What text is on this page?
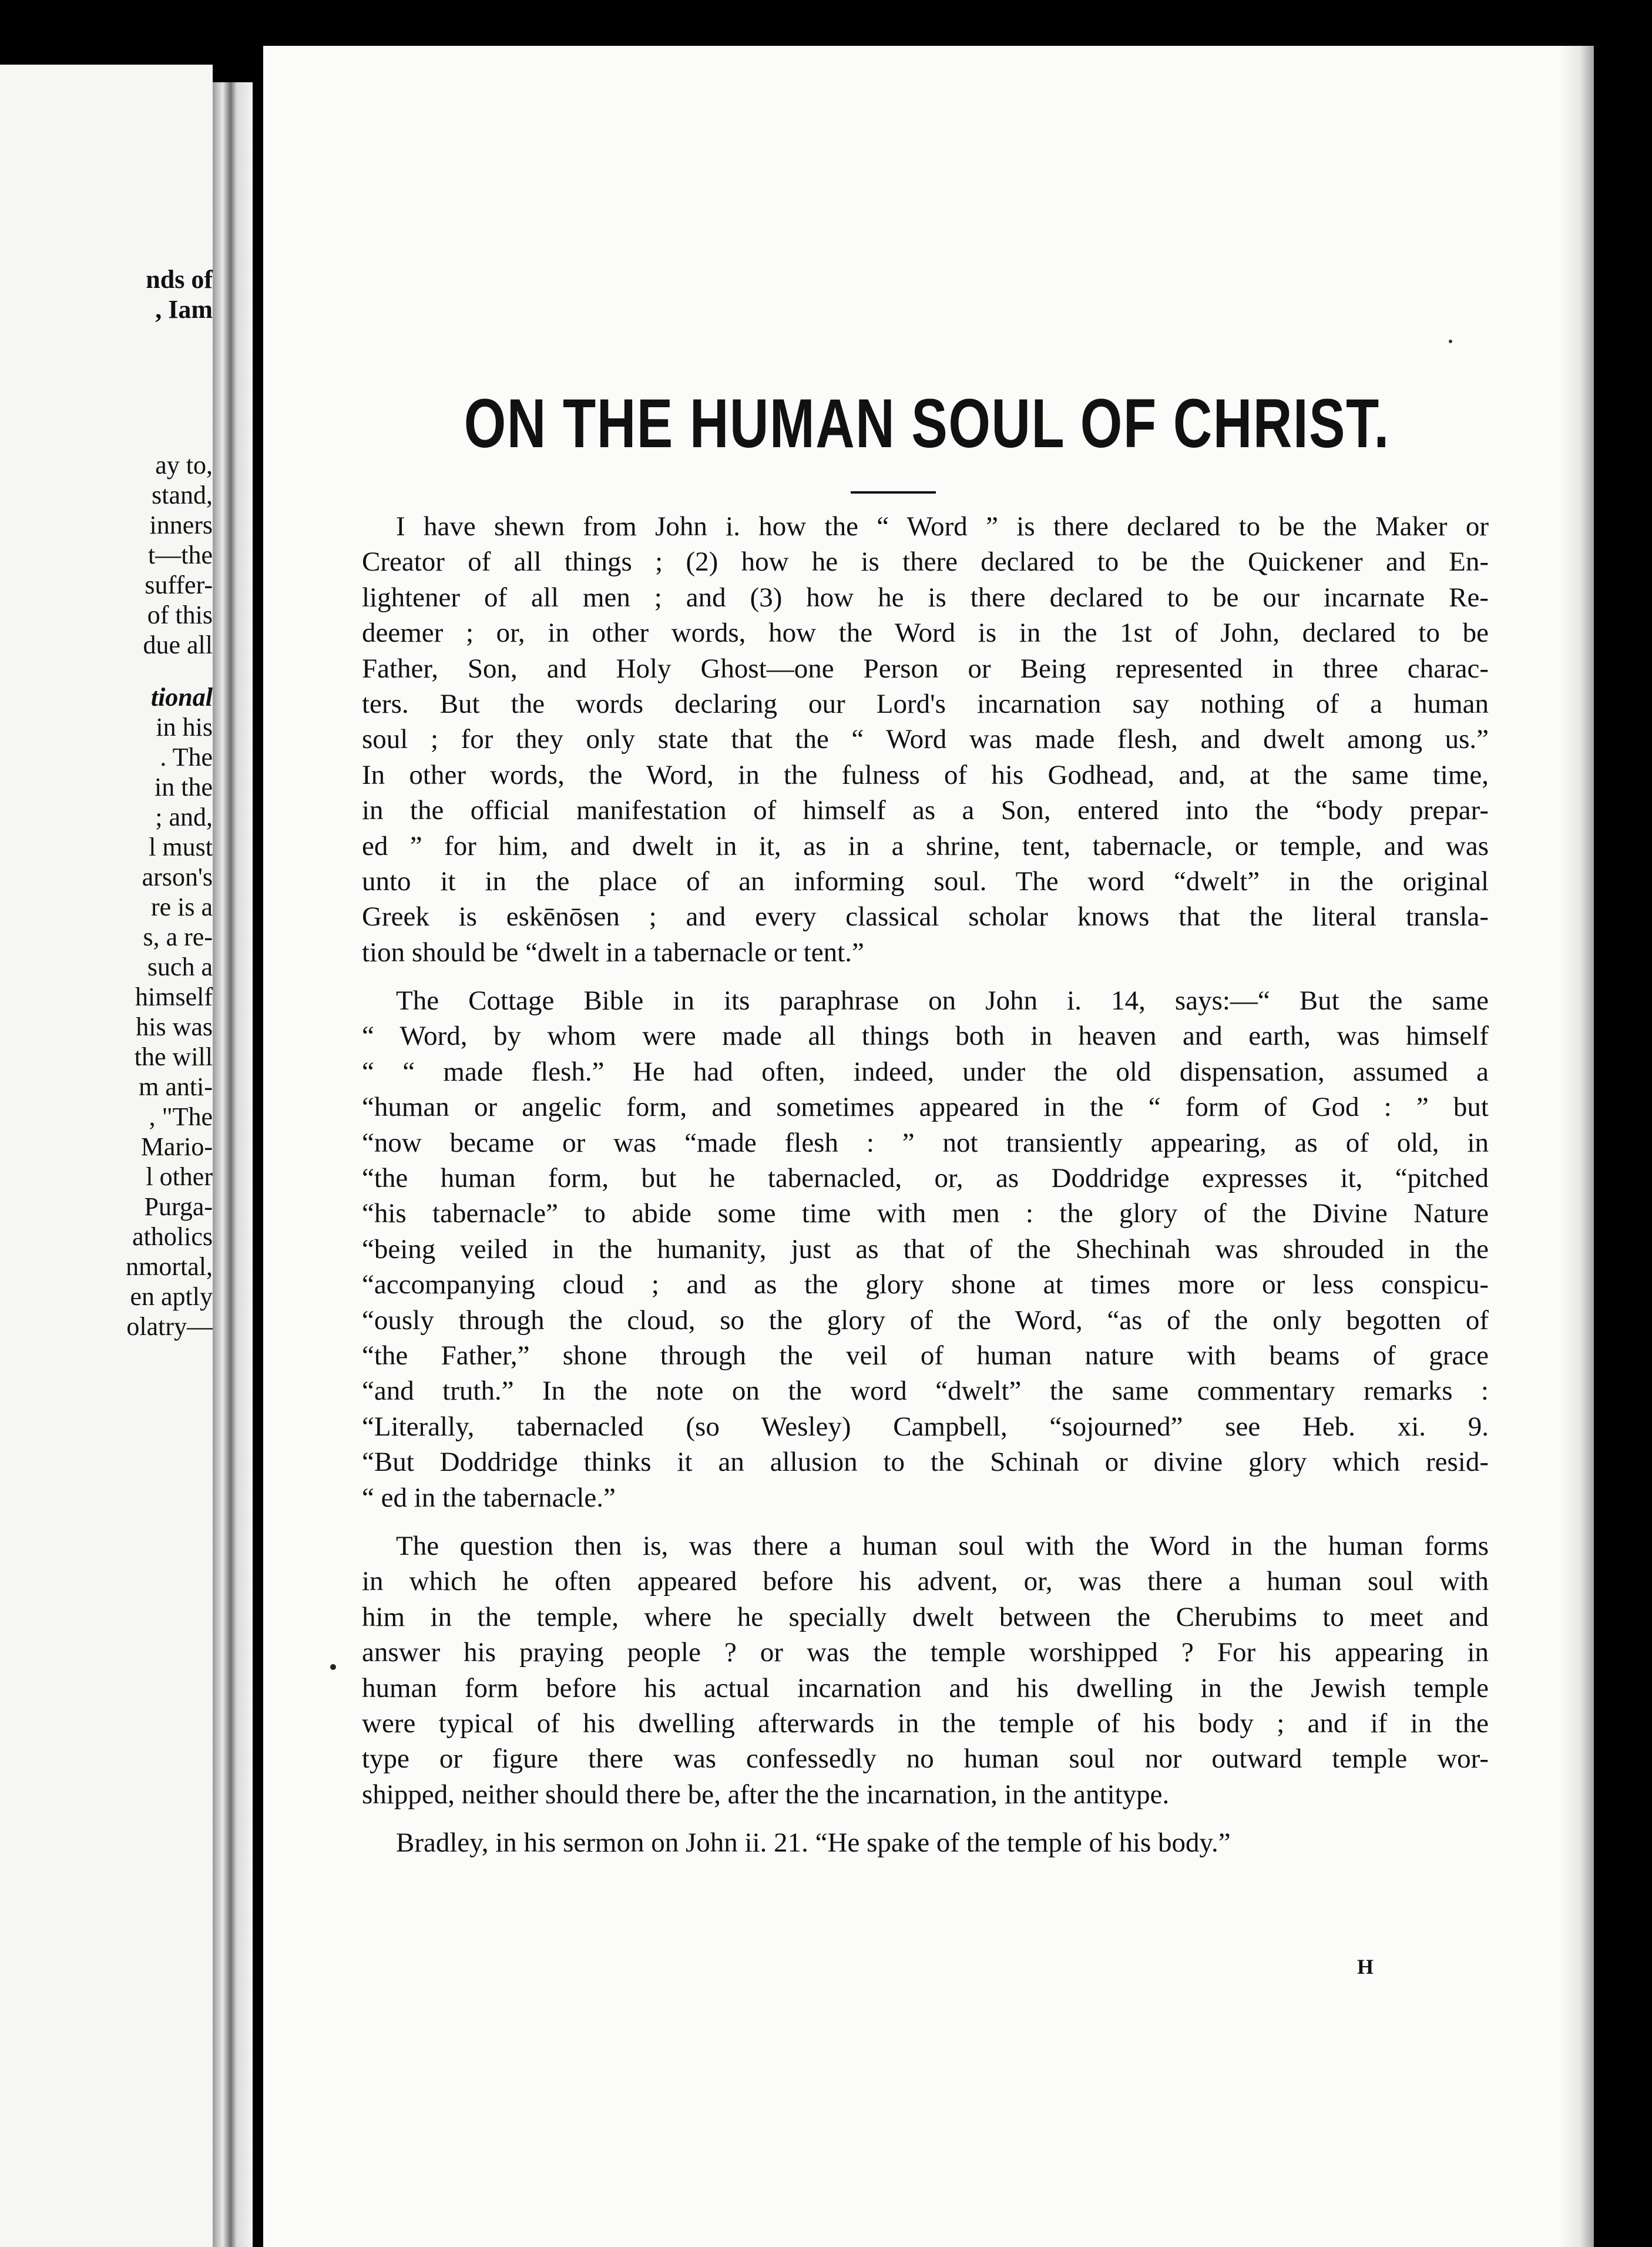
nds of
, Iam
ay to,
stand,
inners
t—the
suffer-
of this
due all
tional
in his
. The
in the
; and,
l must
arson's
re is a
s, a re-
such a
himself
his was
the will
m anti-
, "The
Mario-
l other
Purga-
atholics
nmortal,
en aptly
olatry—
ON THE HUMAN SOUL OF CHRIST.
I have shewn from John i. how the “ Word ” is there declared to be the Maker or
Creator of all things ; (2) how he is there declared to be the Quickener and En-
lightener of all men ; and (3) how he is there declared to be our incarnate Re-
deemer ; or, in other words, how the Word is in the 1st of John, declared to be
Father, Son, and Holy Ghost—one Person or Being represented in three charac-
ters. But the words declaring our Lord's incarnation say nothing of a human
soul ; for they only state that the “ Word was made flesh, and dwelt among us.”
In other words, the Word, in the fulness of his Godhead, and, at the same time,
in the official manifestation of himself as a Son, entered into the “body prepar-
ed ” for him, and dwelt in it, as in a shrine, tent, tabernacle, or temple, and was
unto it in the place of an informing soul. The word “dwelt” in the original
Greek is eskēnōsen ; and every classical scholar knows that the literal transla-
tion should be “dwelt in a tabernacle or tent.”
The Cottage Bible in its paraphrase on John i. 14, says:—“ But the same
“ Word, by whom were made all things both in heaven and earth, was himself
“ “ made flesh.” He had often, indeed, under the old dispensation, assumed a
“human or angelic form, and sometimes appeared in the “ form of God : ” but
“now became or was “made flesh : ” not transiently appearing, as of old, in
“the human form, but he tabernacled, or, as Doddridge expresses it, “pitched
“his tabernacle” to abide some time with men : the glory of the Divine Nature
“being veiled in the humanity, just as that of the Shechinah was shrouded in the
“accompanying cloud ; and as the glory shone at times more or less conspicu-
“ously through the cloud, so the glory of the Word, “as of the only begotten of
“the Father,” shone through the veil of human nature with beams of grace
“and truth.” In the note on the word “dwelt” the same commentary remarks :
“Literally, tabernacled (so Wesley) Campbell, “sojourned” see Heb. xi. 9.
“But Doddridge thinks it an allusion to the Schinah or divine glory which resid-
“ ed in the tabernacle.”
The question then is, was there a human soul with the Word in the human forms
in which he often appeared before his advent, or, was there a human soul with
him in the temple, where he specially dwelt between the Cherubims to meet and
answer his praying people ? or was the temple worshipped ? For his appearing in
human form before his actual incarnation and his dwelling in the Jewish temple
were typical of his dwelling afterwards in the temple of his body ; and if in the
type or figure there was confessedly no human soul nor outward temple wor-
shipped, neither should there be, after the the incarnation, in the antitype.
Bradley, in his sermon on John ii. 21. “He spake of the temple of his body.”
H
